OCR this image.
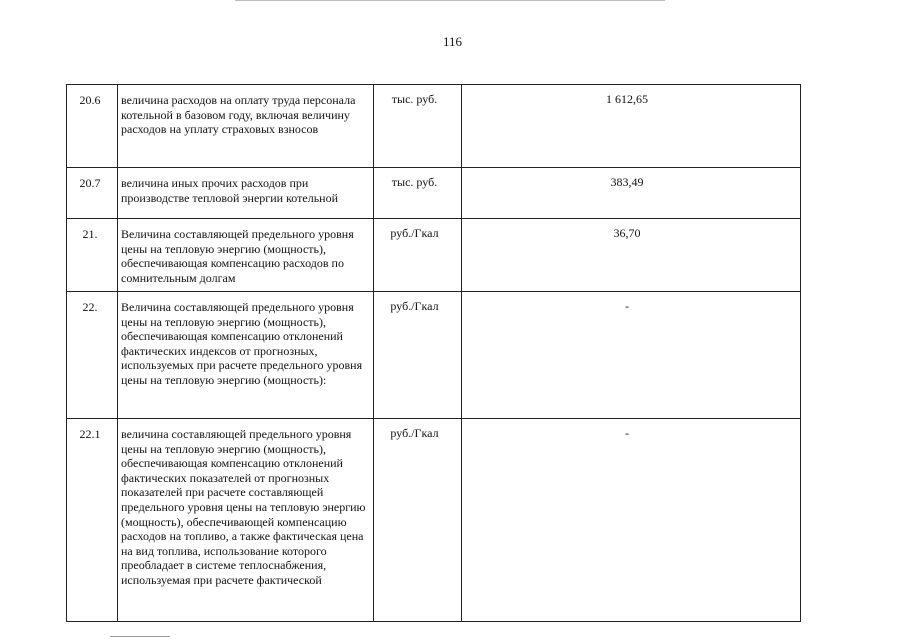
116
20.6	величина расходов на оплату труда персонала котельной в базовом году, включая величину расходов на уплату страховых взносов	тыс. руб.	1 612,65
20.7	величина иных прочих расходов при производстве тепловой энергии котельной	тыс. руб.	383,49
21.	Величина составляющей предельного уровня цены на тепловую энергию (мощность), обеспечивающая компенсацию расходов по сомнительным долгам	руб./Гкал	36,70
22.	Величина составляющей предельного уровня цены на тепловую энергию (мощность), обеспечивающая компенсацию отклонений фактических индексов от прогнозных, используемых при расчете предельного уровня цены на тепловую энергию (мощность):	руб./Гкал	-
22.1	величина составляющей предельного уровня цены на тепловую энергию (мощность), обеспечивающая компенсацию отклонений фактических показателей от прогнозных показателей при расчете составляющей предельного уровня цены на тепловую энергию (мощность), обеспечивающей компенсацию расходов на топливо, а также фактическая цена на вид топлива, использование которого преобладает в системе теплоснабжения, используемая при расчете фактической	руб./Гкал	-
